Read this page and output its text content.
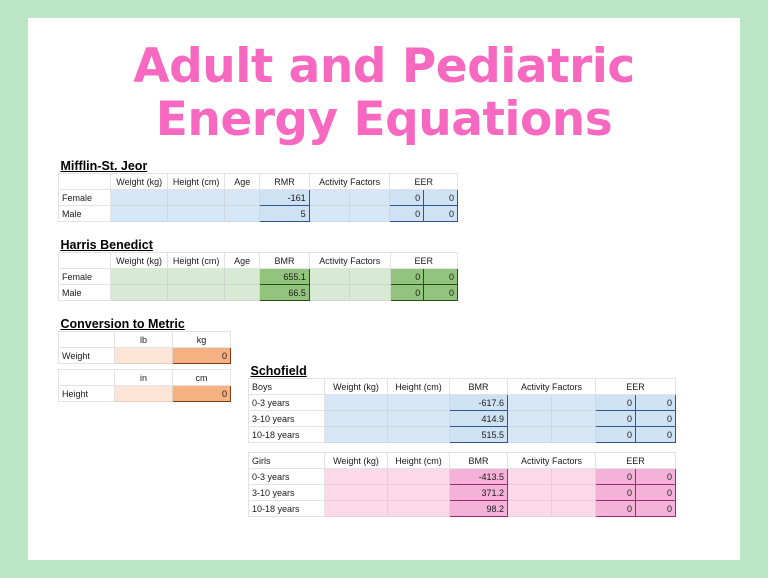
Adult and Pediatric
Energy Equations
Mifflin-St. Jeor								
	Weight (kg)	Height (cm)	Age	RMR	Activity Factors		EER	
Female				-161			0	0
Male				5			0	0

Harris Benedict								
	Weight (kg)	Height (cm)	Age	BMR	Activity Factors		EER	
Female				655.1			0	0
Male				66.5			0	0

Conversion to Metric		
	lb	kg
Weight		0

	in	cm
Height		0
Schofield							
Boys	Weight (kg)	Height (cm)	BMR	Activity Factors		EER	
0-3 years			-617.6			0	0
3-10 years			414.9			0	0
10-18 years			515.5			0	0

Girls	Weight (kg)	Height (cm)	BMR	Activity Factors		EER	
0-3 years			-413.5			0	0
3-10 years			371.2			0	0
10-18 years			98.2			0	0
